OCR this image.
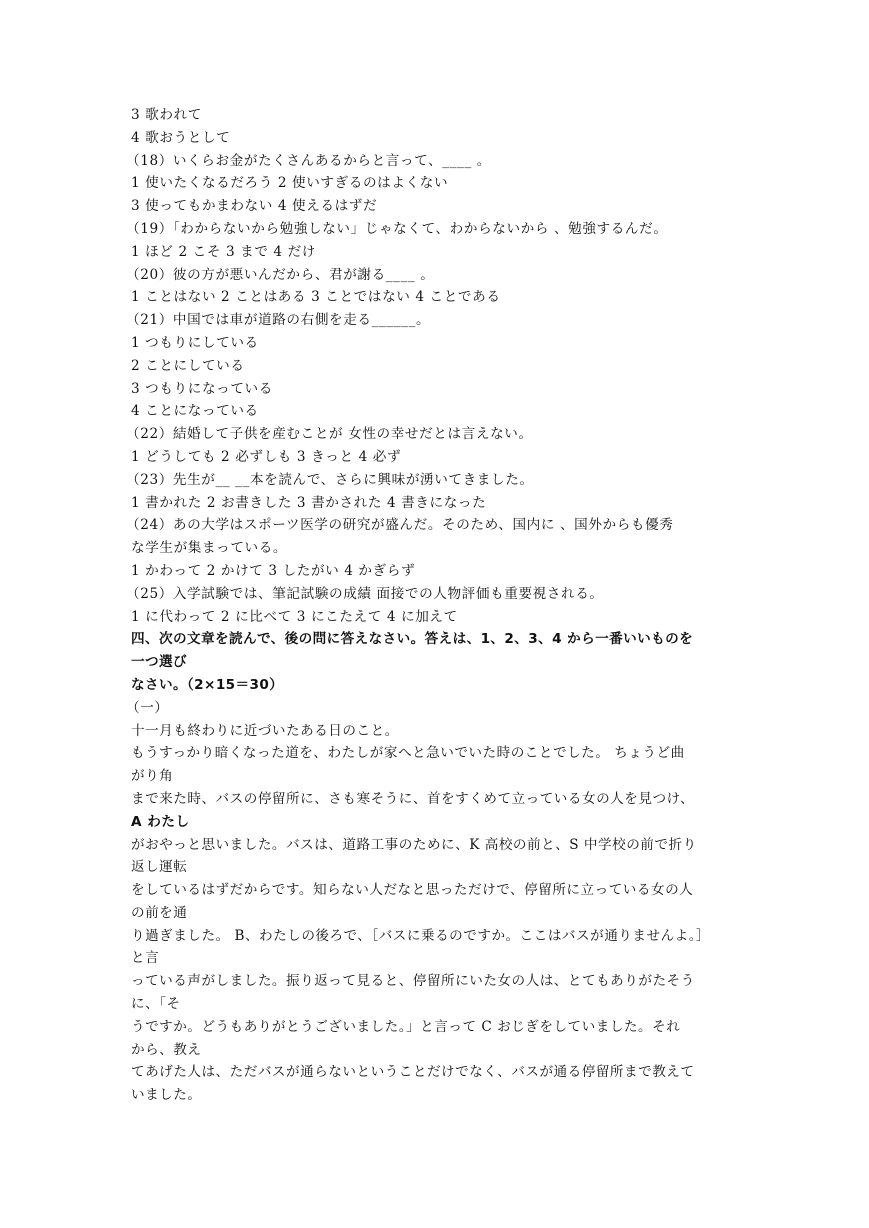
3 歌われて
4 歌おうとして
（18）いくらお金がたくさんあるからと言って、____ 。
1 使いたくなるだろう 2 使いすぎるのはよくない
3 使ってもかまわない 4 使えるはずだ
（19）「わからないから勉強しない」じゃなくて、わからないから 、勉強するんだ。
1 ほど 2 こそ 3 まで 4 だけ
（20）彼の方が悪いんだから、君が謝る____ 。
1 ことはない 2 ことはある 3 ことではない 4 ことである
（21）中国では車が道路の右側を走る______。
1 つもりにしている
2 ことにしている
3 つもりになっている
4 ことになっている
（22）結婚して子供を産むことが 女性の幸せだとは言えない。
1 どうしても 2 必ずしも 3 きっと 4 必ず
（23）先生が__ __本を読んで、さらに興味が湧いてきました。
1 書かれた 2 お書きした 3 書かされた 4 書きになった
（24）あの大学はスポーツ医学の研究が盛んだ。そのため、国内に 、国外からも優秀
な学生が集まっている。
1 かわって 2 かけて 3 したがい 4 かぎらず
（25）入学試験では、筆記試験の成績 面接での人物評価も重要視される。
1 に代わって 2 に比べて 3 にこたえて 4 に加えて
四、次の文章を読んで、後の問に答えなさい。答えは、1、2、3、4 から一番いいものを
一つ選び
なさい。（2×15＝30）
（一）
十一月も終わりに近づいたある日のこと。
もうすっかり暗くなった道を、わたしが家へと急いでいた時のことでした。 ちょうど曲
がり角
まで来た時、バスの停留所に、さも寒そうに、首をすくめて立っている女の人を見つけ、
A わたし
がおやっと思いました。バスは、道路工事のために、K 高校の前と、S 中学校の前で折り
返し運転
をしているはずだからです。知らない人だなと思っただけで、停留所に立っている女の人
の前を通
り過ぎました。 B、わたしの後ろで、［バスに乗るのですか。ここはバスが通りませんよ。］
と言
っている声がしました。振り返って見ると、停留所にいた女の人は、とてもありがたそう
に、「そ
うですか。どうもありがとうございました。」と言って C おじぎをしていました。それ
から、教え
てあげた人は、ただバスが通らないということだけでなく、バスが通る停留所まで教えて
いました。
